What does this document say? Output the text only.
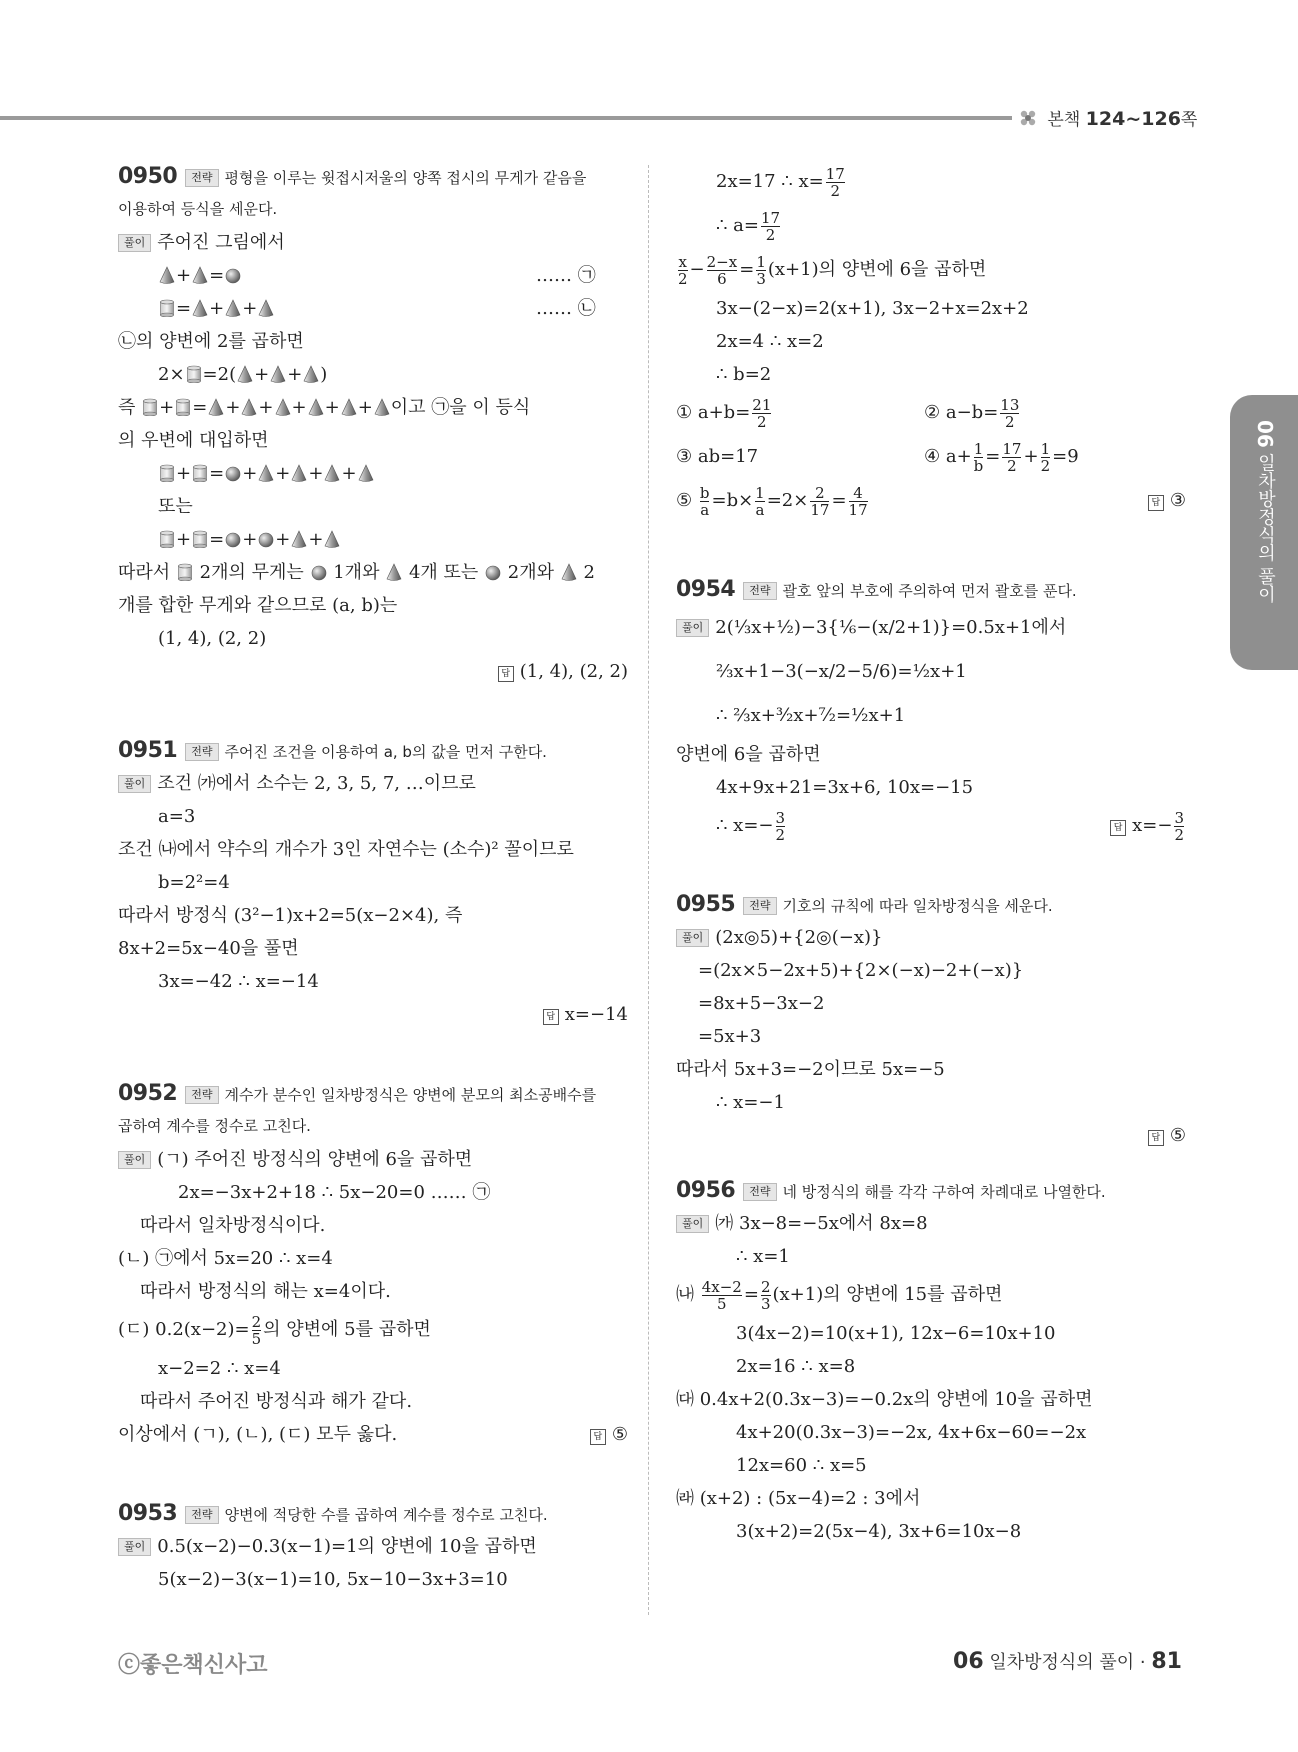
본책 124~126쪽
06 일차방정식의 풀이
0950 전략 평형을 이루는 윗접시저울의 양쪽 접시의 무게가 같음을
이용하여 등식을 세운다.
풀이 주어진 그림에서
+ =	…… ㉠
= + +	…… ㉡
㉡의 양변에 2를 곱하면
2× =2( + + )
즉 + = + + + + + 이고 ㉠을 이 등식
의 우변에 대입하면
+ = + + + +
또는
+ = + + +
따라서 2개의 무게는 1개와 4개 또는 2개와 2
개를 합한 무게와 같으므로 (a, b)는
(1, 4), (2, 2)
답 (1, 4), (2, 2)
0951 전략 주어진 조건을 이용하여 a, b의 값을 먼저 구한다.
풀이 조건 ㈎에서 소수는 2, 3, 5, 7, …이므로
a=3
조건 ㈏에서 약수의 개수가 3인 자연수는 (소수)² 꼴이므로
b=2²=4
따라서 방정식 (3²−1)x+2=5(x−2×4), 즉
8x+2=5x−40을 풀면
3x=−42 ∴ x=−14
답 x=−14
0952 전략 계수가 분수인 일차방정식은 양변에 분모의 최소공배수를
곱하여 계수를 정수로 고친다.
풀이 (ㄱ) 주어진 방정식의 양변에 6을 곱하면
2x=−3x+2+18 ∴ 5x−20=0 …… ㉠
따라서 일차방정식이다.
(ㄴ) ㉠에서 5x=20 ∴ x=4
따라서 방정식의 해는 x=4이다.
(ㄷ) $0.2(x-2)= \frac{2}{5}$ 의 양변에 5를 곱하면
x−2=2 ∴ x=4
따라서 주어진 방정식과 해가 같다.
이상에서 (ㄱ), (ㄴ), (ㄷ) 모두 옳다.	답 ⑤
0953 전략 양변에 적당한 수를 곱하여 계수를 정수로 고친다.
풀이 0.5(x−2)−0.3(x−1)=1의 양변에 10을 곱하면
5(x−2)−3(x−1)=10, 5x−10−3x+3=10
2x=17 ∴ $x= \frac{17}{2}$
∴ $a= \frac{17}{2}$
$\frac{x}{2} - \frac{2-x}{6} = \frac{1}{3} (x+1)$의 양변에 6을 곱하면
3x−(2−x)=2(x+1), 3x−2+x=2x+2
2x=4 ∴ x=2
∴ b=2
① $a+b= \frac{21}{2}$	② $a-b= \frac{13}{2}$
③ ab=17	④ $a+ \frac{1}{b} = \frac{17}{2} + \frac{1}{2} =9$
⑤ $\frac{b}{a} =b\times \frac{1}{a} =2\times \frac{2}{17} = \frac{4}{17}$	답 ③
0954 전략 괄호 앞의 부호에 주의하여 먼저 괄호를 푼다.
풀이 2(⅓x+½)−3{⅙−(x/2+1)}=0.5x+1에서
⅔x+1−3(−x/2−5/6)=½x+1
∴ ⅔x+³⁄₂x+⁷⁄₂=½x+1
양변에 6을 곱하면
4x+9x+21=3x+6, 10x=−15
∴ $x=- \frac{3}{2}$	답 $x=- \frac{3}{2}$
0955 전략 기호의 규칙에 따라 일차방정식을 세운다.
풀이 (2x◎5)+{2◎(−x)}
=(2x×5−2x+5)+{2×(−x)−2+(−x)}
=8x+5−3x−2
=5x+3
따라서 5x+3=−2이므로 5x=−5
∴ x=−1
답 ⑤
0956 전략 네 방정식의 해를 각각 구하여 차례대로 나열한다.
풀이 ㈎ 3x−8=−5x에서 8x=8
∴ x=1
㈏ $\frac{4x-2}{5} = \frac{2}{3} (x+1)$의 양변에 15를 곱하면
3(4x−2)=10(x+1), 12x−6=10x+10
2x=16 ∴ x=8
㈐ 0.4x+2(0.3x−3)=−0.2x의 양변에 10을 곱하면
4x+20(0.3x−3)=−2x, 4x+6x−60=−2x
12x=60 ∴ x=5
㈑ (x+2) : (5x−4)=2 : 3에서
3(x+2)=2(5x−4), 3x+6=10x−8
ⓒ좋은책신사고	06 일차방정식의 풀이 · 81
